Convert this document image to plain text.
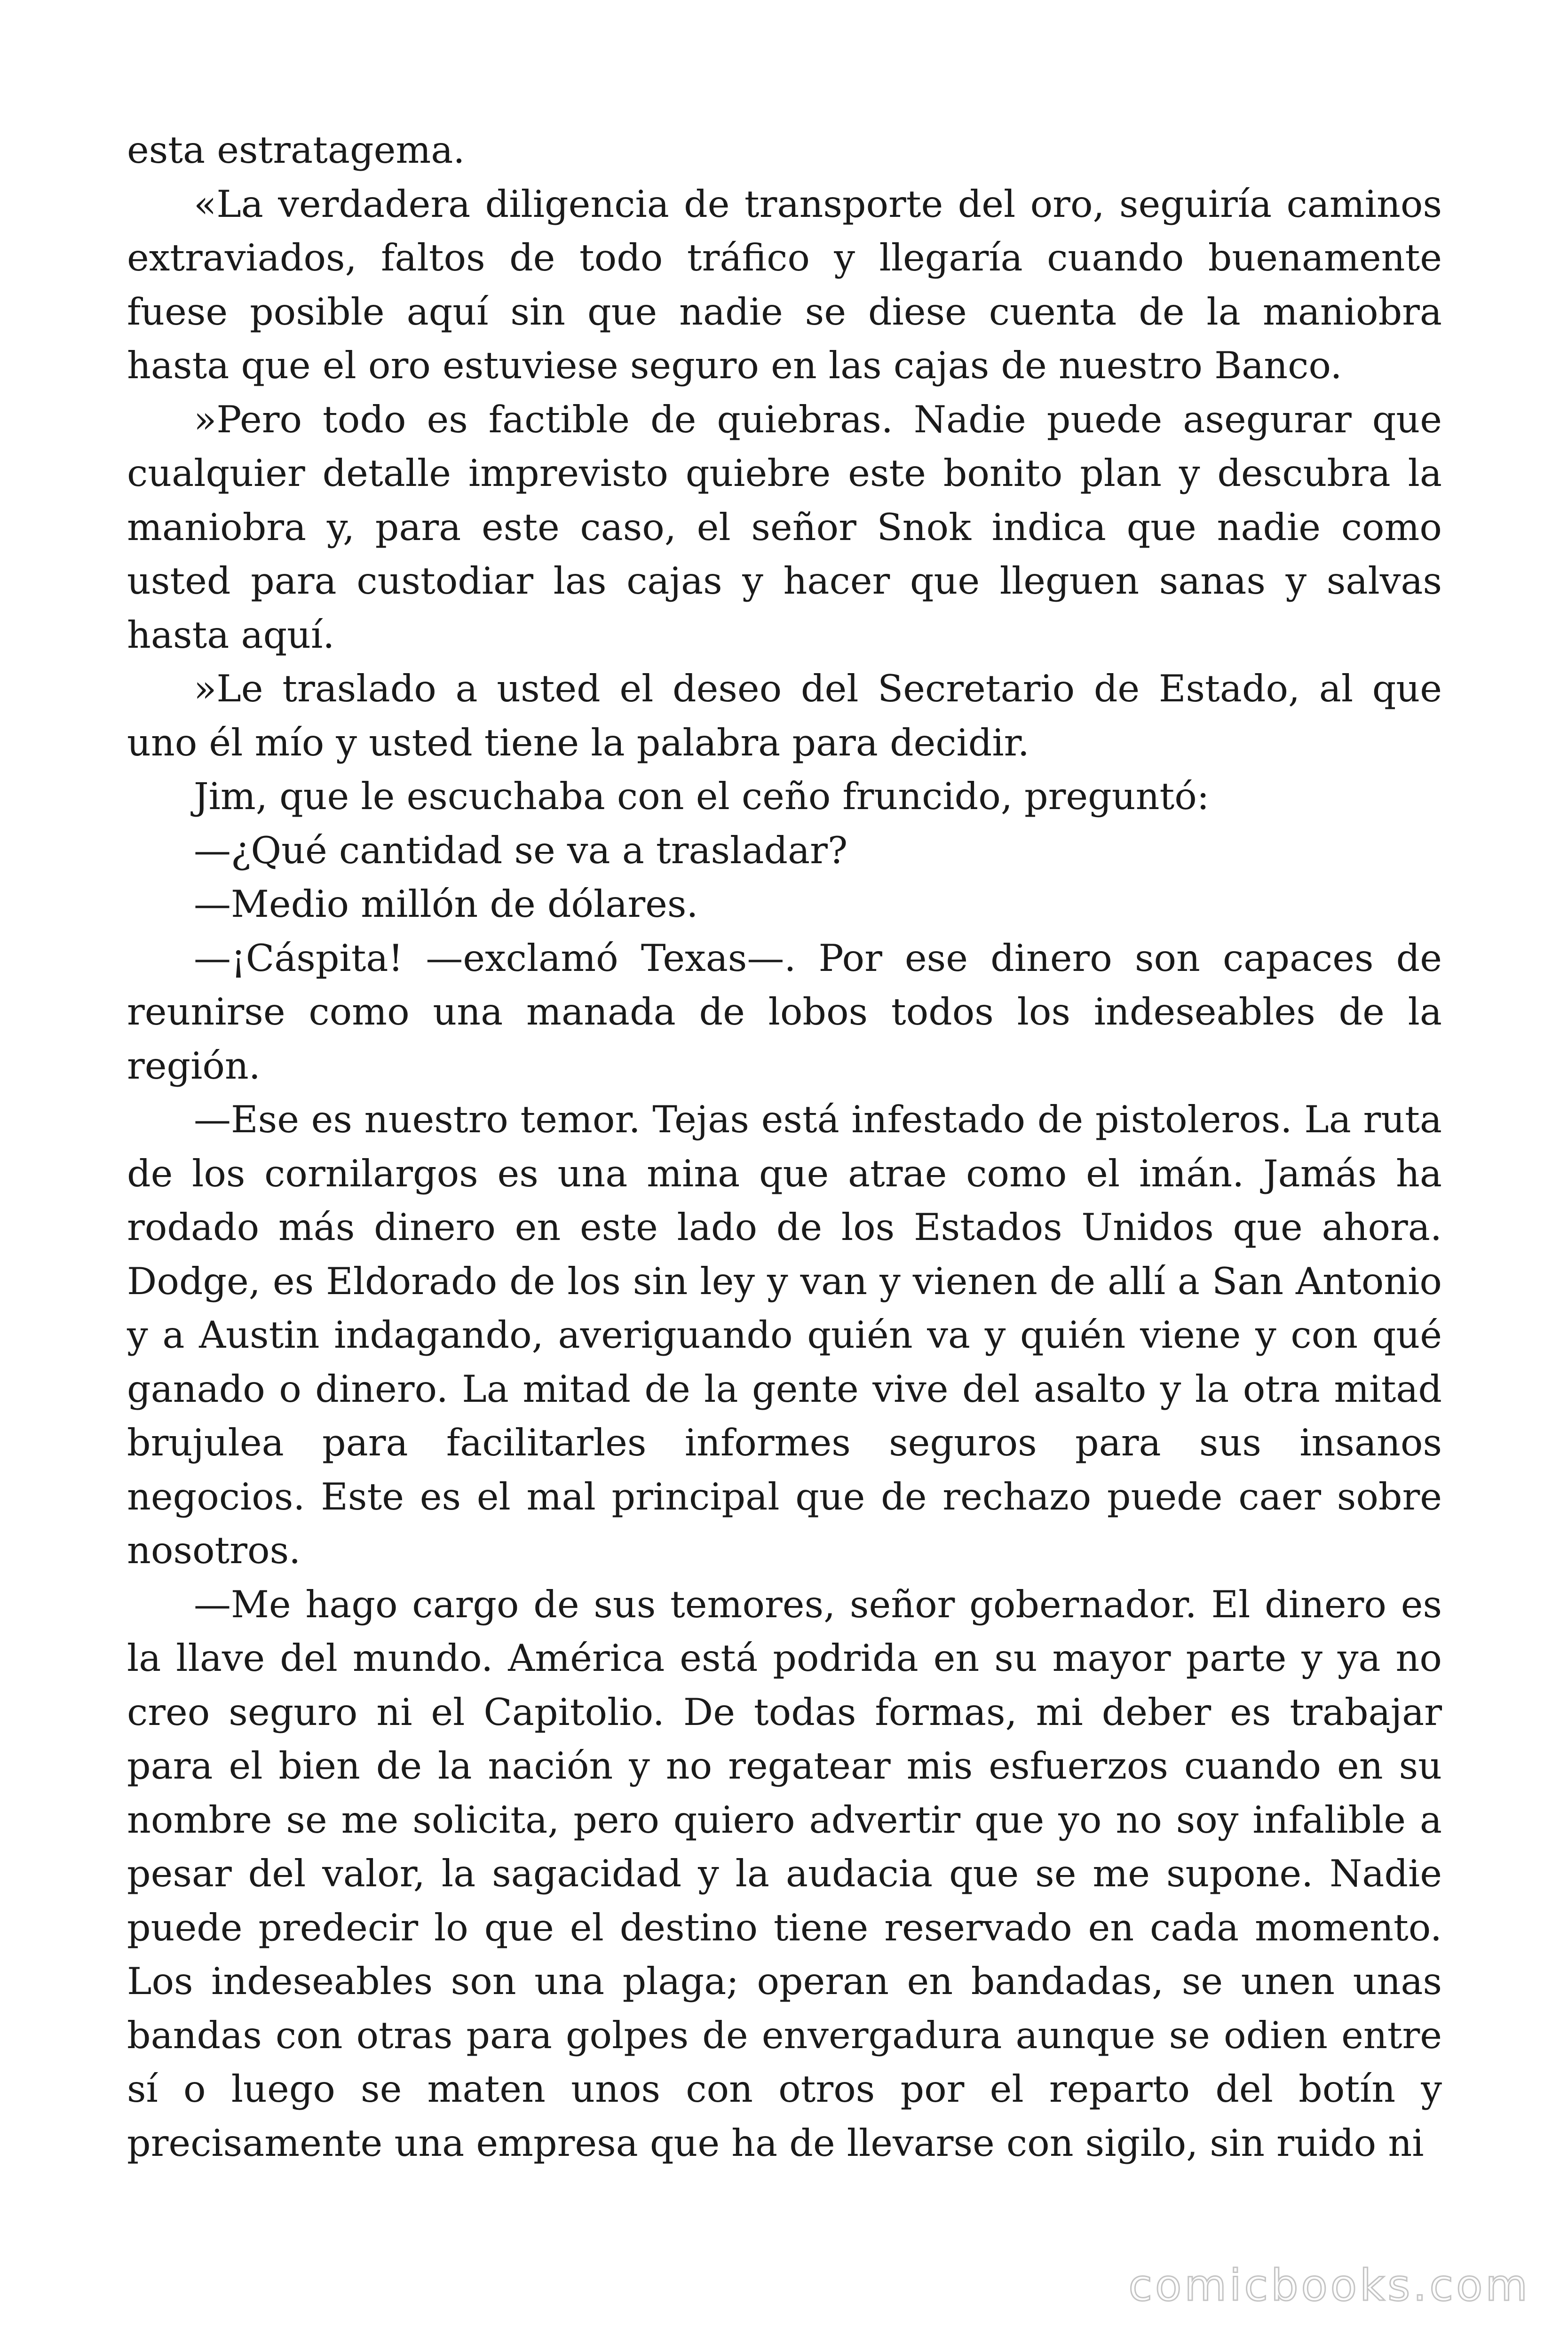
esta estratagema.

«La verdadera diligencia de transporte del oro, seguiría caminos extraviados, faltos de todo tráfico y llegaría cuando buenamente fuese posible aquí sin que nadie se diese cuenta de la maniobra hasta que el oro estuviese seguro en las cajas de nuestro Banco.

»Pero todo es factible de quiebras. Nadie puede asegurar que cualquier detalle imprevisto quiebre este bonito plan y descubra la maniobra y, para este caso, el señor Snok indica que nadie como usted para custodiar las cajas y hacer que lleguen sanas y salvas hasta aquí.

»Le traslado a usted el deseo del Secretario de Estado, al que uno él mío y usted tiene la palabra para decidir.

Jim, que le escuchaba con el ceño fruncido, preguntó:

—¿Qué cantidad se va a trasladar?

—Medio millón de dólares.

—¡Cáspita! —exclamó Texas—. Por ese dinero son capaces de reunirse como una manada de lobos todos los indeseables de la región.

—Ese es nuestro temor. Tejas está infestado de pistoleros. La ruta de los cornilargos es una mina que atrae como el imán. Jamás ha rodado más dinero en este lado de los Estados Unidos que ahora. Dodge, es Eldorado de los sin ley y van y vienen de allí a San Antonio y a Austin indagando, averiguando quién va y quién viene y con qué ganado o dinero. La mitad de la gente vive del asalto y la otra mitad brujulea para facilitarles informes seguros para sus insanos negocios. Este es el mal principal que de rechazo puede caer sobre nosotros.

—Me hago cargo de sus temores, señor gobernador. El dinero es la llave del mundo. América está podrida en su mayor parte y ya no creo seguro ni el Capitolio. De todas formas, mi deber es trabajar para el bien de la nación y no regatear mis esfuerzos cuando en su nombre se me solicita, pero quiero advertir que yo no soy infalible a pesar del valor, la sagacidad y la audacia que se me supone. Nadie puede predecir lo que el destino tiene reservado en cada momento. Los indeseables son una plaga; operan en bandadas, se unen unas bandas con otras para golpes de envergadura aunque se odien entre sí o luego se maten unos con otros por el reparto del botín y precisamente una empresa que ha de llevarse con sigilo, sin ruido ni

comicbooks.com
